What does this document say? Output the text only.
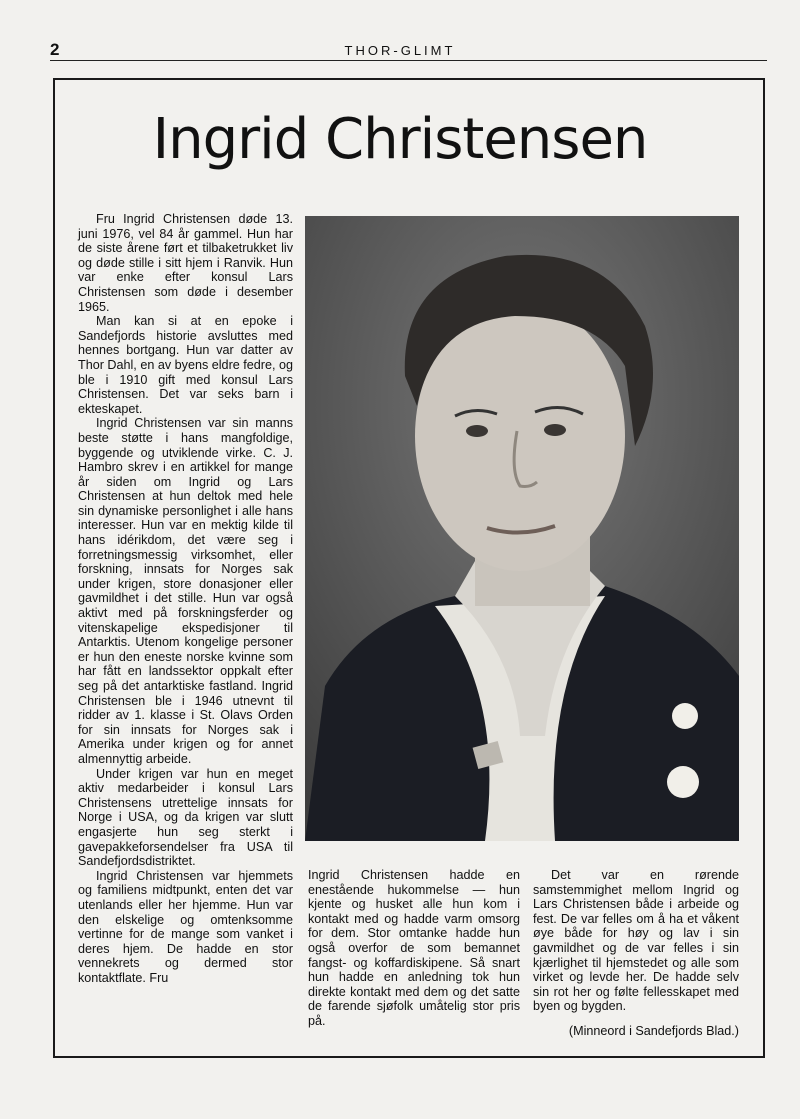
2	THOR-GLIMT
Ingrid Christensen

Fru Ingrid Christensen døde 13. juni 1976, vel 84 år gammel. Hun har de siste årene ført et tilbaketrukket liv og døde stille i sitt hjem i Ranvik. Hun var enke efter konsul Lars Christensen som døde i desember 1965.

Man kan si at en epoke i Sandefjords historie avsluttes med hennes bortgang. Hun var datter av Thor Dahl, en av byens eldre fedre, og ble i 1910 gift med konsul Lars Christensen. Det var seks barn i ekteskapet.

Ingrid Christensen var sin manns beste støtte i hans mangfoldige, byggende og utviklende virke. C. J. Hambro skrev i en artikkel for mange år siden om Ingrid og Lars Christensen at hun deltok med hele sin dynamiske personlighet i alle hans interesser. Hun var en mektig kilde til hans idérikdom, det være seg i forretningsmessig virksomhet, eller forskning, innsats for Norges sak under krigen, store donasjoner eller gavmildhet i det stille. Hun var også aktivt med på forskningsferder og vitenskapelige ekspedisjoner til Antarktis. Utenom kongelige personer er hun den eneste norske kvinne som har fått en landssektor oppkalt efter seg på det antarktiske fastland. Ingrid Christensen ble i 1946 utnevnt til ridder av 1. klasse i St. Olavs Orden for sin innsats for Norges sak i Amerika under krigen og for annet almennyttig arbeide.

Under krigen var hun en meget aktiv medarbeider i konsul Lars Christensens utrettelige innsats for Norge i USA, og da krigen var slutt engasjerte hun seg sterkt i gavepakkeforsendelser fra USA til Sandefjordsdistriktet.

Ingrid Christensen var hjemmets og familiens midtpunkt, enten det var utenlands eller her hjemme. Hun var den elskelige og omtenksomme vertinne for de mange som vanket i deres hjem. De hadde en stor vennekrets og dermed stor kontaktflate. Fru

Ingrid Christensen hadde en enestående hukommelse — hun kjente og husket alle hun kom i kontakt med og hadde varm omsorg for dem. Stor omtanke hadde hun også overfor de som bemannet fangst- og koffardiskipene. Så snart hun hadde en anledning tok hun direkte kontakt med dem og det satte de farende sjøfolk umåtelig stor pris på.

Det var en rørende samstemmighet mellom Ingrid og Lars Christensen både i arbeide og fest. De var felles om å ha et våkent øye både for høy og lav i sin gavmildhet og de var felles i sin kjærlighet til hjemstedet og alle som virket og levde her. De hadde selv sin rot her og følte fellesskapet med byen og bygden.

(Minneord i Sandefjords Blad.)
